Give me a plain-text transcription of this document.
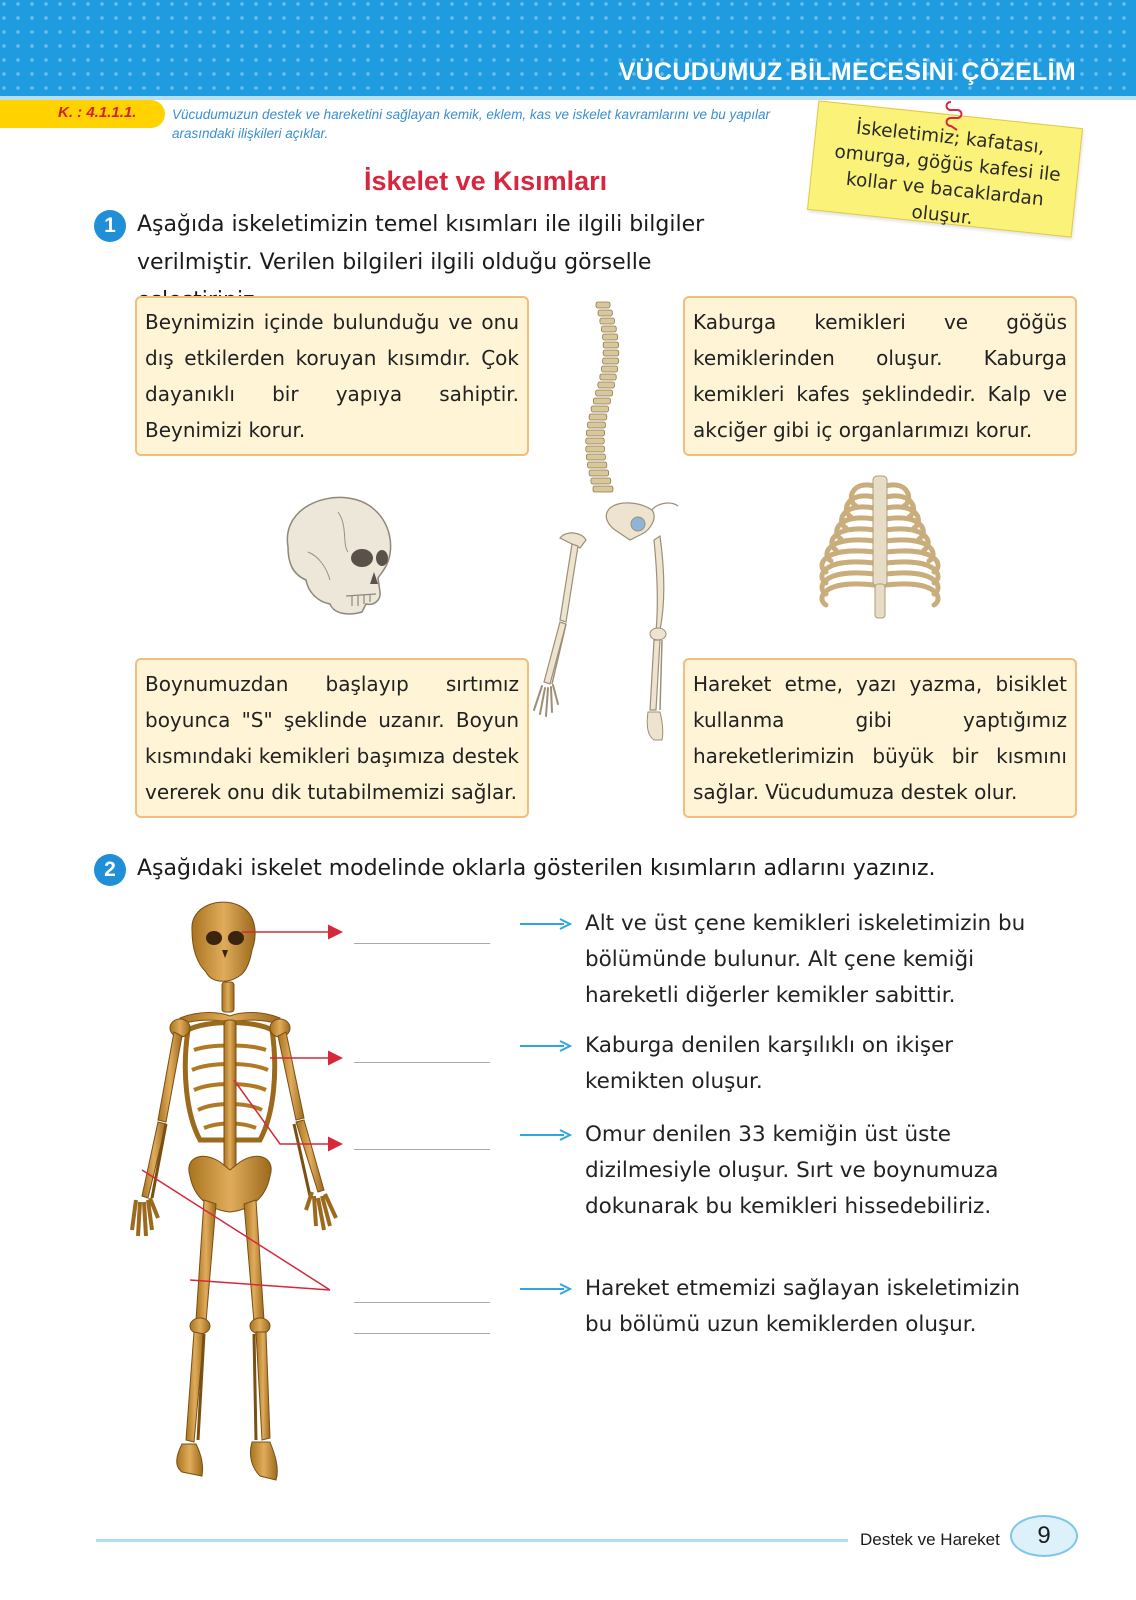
VÜCUDUMUZ BİLMECESİNİ ÇÖZELİM
K. : 4.1.1.1.	Vücudumuzun destek ve hareketini sağlayan kemik, eklem, kas ve iskelet kavramlarını ve bu yapılar arasındaki ilişkileri açıklar.	İskeletimiz; kafatası, omurga, göğüs kafesi ile kollar ve bacaklardan oluşur.
İskelet ve Kısımları
1 Aşağıda iskeletimizin temel kısımları ile ilgili bilgiler verilmiştir. Verilen bilgileri ilgili olduğu görselle
Beynimizin içinde bulunduğu ve onu dış etkilerden koruyan kısımdır. Çok dayanıklı bir yapıya sahiptir. Beynimizi korur.
Kaburga kemikleri ve göğüs kemiklerinden oluşur. Kaburga kemikleri kafes şeklindedir. Kalp ve akciğer gibi iç organlarımızı korur.
Boynumuzdan başlayıp sırtımız boyunca "S" şeklinde uzanır. Boyun kısmındaki kemikleri başımıza destek vererek onu dik tutabilmemizi sağlar.
Hareket etme, yazı yazma, bisiklet kullanma gibi yaptığımız hareketlerimizin büyük bir kısmını sağlar. Vücudumuza destek olur.
2 Aşağıdaki iskelet modelinde oklarla gösterilen kısımların adlarını yazınız.
Alt ve üst çene kemikleri iskeletimizin bu bölümünde bulunur. Alt çene kemiği hareketli diğerler kemikler sabittir.
Kaburga denilen karşılıklı on ikişer kemikten oluşur.
Omur denilen 33 kemiğin üst üste dizilmesiyle oluşur. Sırt ve boynumuza dokunarak bu kemikleri hissedebiliriz.
Hareket etmemizi sağlayan iskeletimizin bu bölümü uzun kemiklerden oluşur.
Destek ve Hareket	9
